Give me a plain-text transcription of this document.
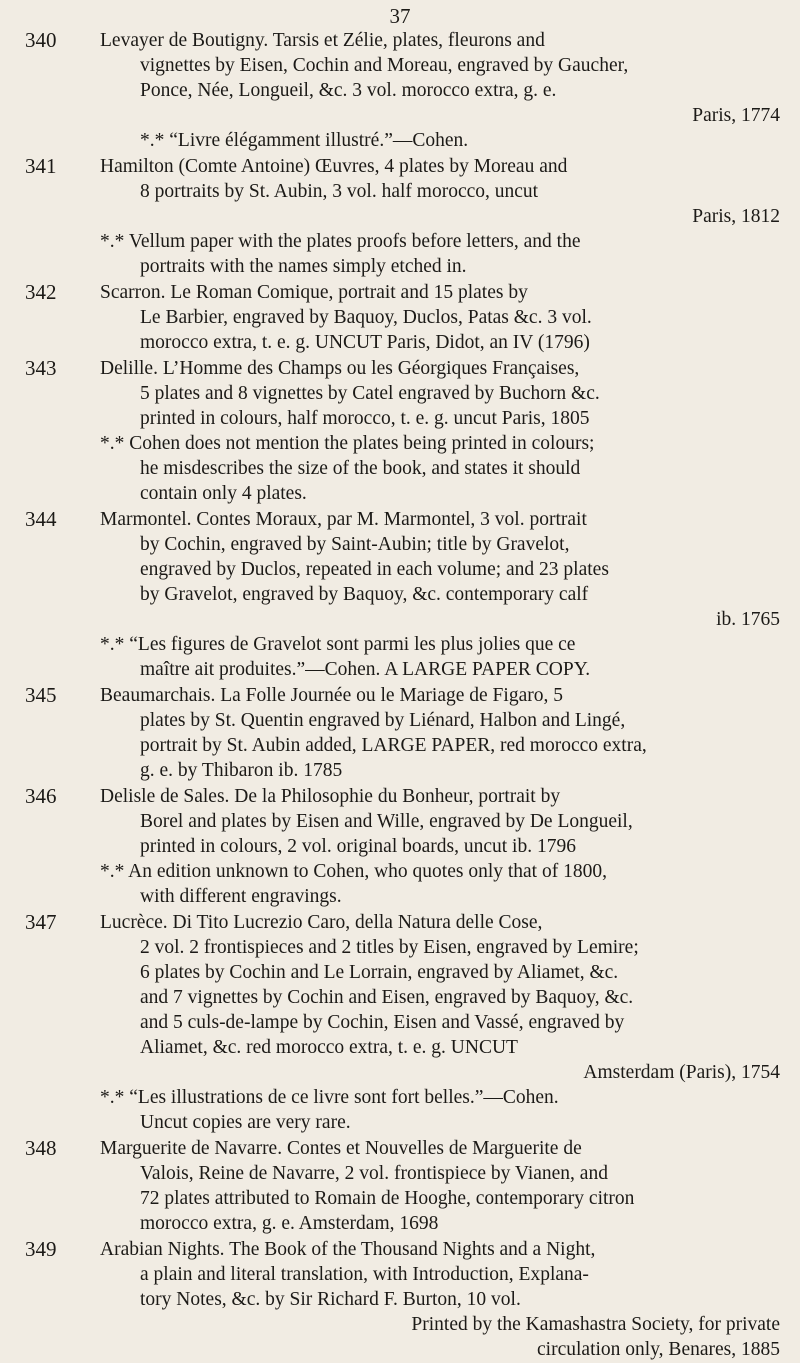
37
340	Levayer de Boutigny. Tarsis et Zélie, plates, fleurons and
vignettes by Eisen, Cochin and Moreau, engraved by Gaucher,
Ponce, Née, Longueil, &c. 3 vol. morocco extra, g. e.
Paris, 1774
*.* “Livre élégamment illustré.”—Cohen.
341	Hamilton (Comte Antoine) Œuvres, 4 plates by Moreau and
8 portraits by St. Aubin, 3 vol. half morocco, uncut
Paris, 1812
*.* Vellum paper with the plates proofs before letters, and the
portraits with the names simply etched in.
342	Scarron. Le Roman Comique, portrait and 15 plates by
Le Barbier, engraved by Baquoy, Duclos, Patas &c. 3 vol.
morocco extra, t. e. g. UNCUT Paris, Didot, an IV (1796)
343	Delille. L’Homme des Champs ou les Géorgiques Françaises,
5 plates and 8 vignettes by Catel engraved by Buchorn &c.
printed in colours, half morocco, t. e. g. uncut Paris, 1805
*.* Cohen does not mention the plates being printed in colours;
he misdescribes the size of the book, and states it should
contain only 4 plates.
344	Marmontel. Contes Moraux, par M. Marmontel, 3 vol. portrait
by Cochin, engraved by Saint-Aubin; title by Gravelot,
engraved by Duclos, repeated in each volume; and 23 plates
by Gravelot, engraved by Baquoy, &c. contemporary calf
ib. 1765
*.* “Les figures de Gravelot sont parmi les plus jolies que ce
maître ait produites.”—Cohen. A LARGE PAPER COPY.
345	Beaumarchais. La Folle Journée ou le Mariage de Figaro, 5
plates by St. Quentin engraved by Liénard, Halbon and Lingé,
portrait by St. Aubin added, LARGE PAPER, red morocco extra,
g. e. by Thibaron ib. 1785
346	Delisle de Sales. De la Philosophie du Bonheur, portrait by
Borel and plates by Eisen and Wille, engraved by De Longueil,
printed in colours, 2 vol. original boards, uncut ib. 1796
*.* An edition unknown to Cohen, who quotes only that of 1800,
with different engravings.
347	Lucrèce. Di Tito Lucrezio Caro, della Natura delle Cose,
2 vol. 2 frontispieces and 2 titles by Eisen, engraved by Lemire;
6 plates by Cochin and Le Lorrain, engraved by Aliamet, &c.
and 7 vignettes by Cochin and Eisen, engraved by Baquoy, &c.
and 5 culs-de-lampe by Cochin, Eisen and Vassé, engraved by
Aliamet, &c. red morocco extra, t. e. g. UNCUT
Amsterdam (Paris), 1754
*.* “Les illustrations de ce livre sont fort belles.”—Cohen.
Uncut copies are very rare.
348	Marguerite de Navarre. Contes et Nouvelles de Marguerite de
Valois, Reine de Navarre, 2 vol. frontispiece by Vianen, and
72 plates attributed to Romain de Hooghe, contemporary citron
morocco extra, g. e. Amsterdam, 1698
349	Arabian Nights. The Book of the Thousand Nights and a Night,
a plain and literal translation, with Introduction, Explana-
tory Notes, &c. by Sir Richard F. Burton, 10 vol.
Printed by the Kamashastra Society, for private
circulation only, Benares, 1885
